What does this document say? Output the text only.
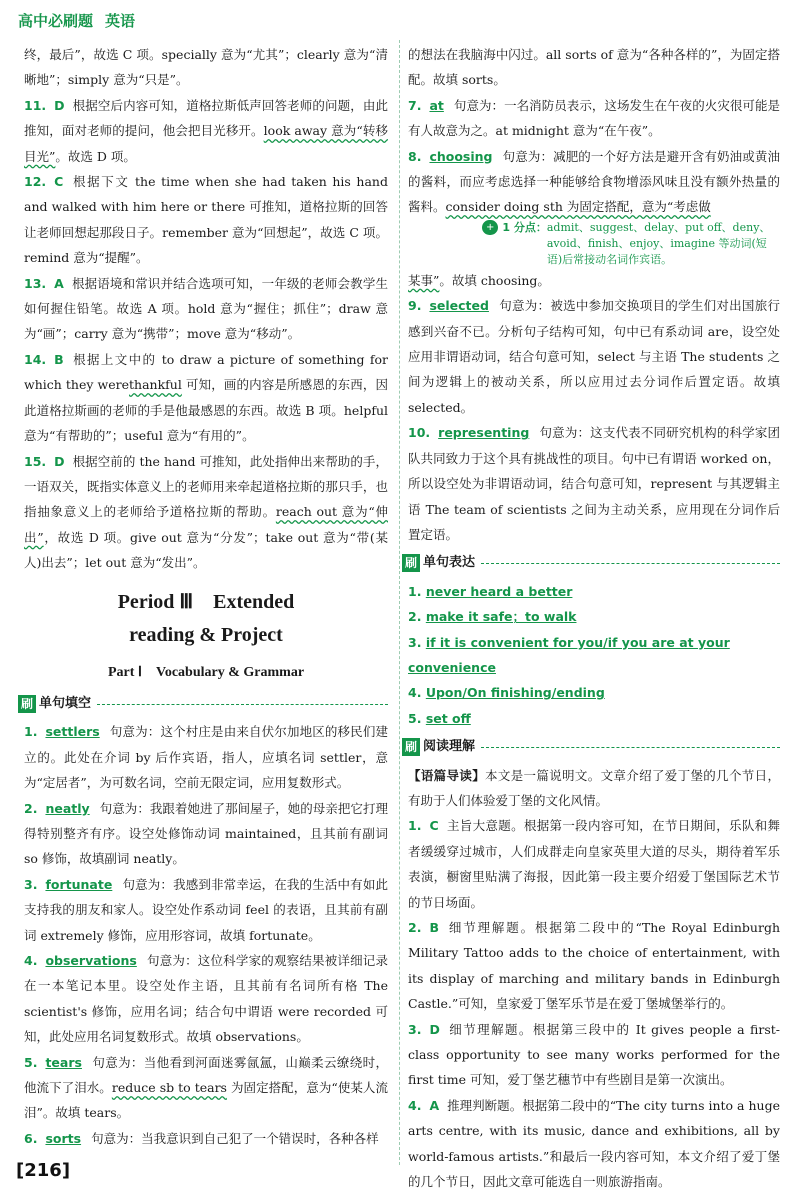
高中必刷题 英语

终，最后”，故选 C 项。specially 意为“尤其”；clearly 意为“清晰地”；simply 意为“只是”。

11. D 根据空后内容可知，道格拉斯低声回答老师的问题，由此推知，面对老师的提问，他会把目光移开。look away 意为“转移目光”。故选 D 项。

12. C 根据下文 the time when she had taken his hand and walked with him here or there 可推知，道格拉斯的回答让老师回想起那段日子。remember 意为“回想起”，故选 C 项。remind 意为“提醒”。

13. A 根据语境和常识并结合选项可知，一年级的老师会教学生如何握住铅笔。故选 A 项。hold 意为“握住；抓住”；draw 意为“画”；carry 意为“携带”；move 意为“移动”。

14. B 根据上文中的 to draw a picture of something for which they werethankful 可知，画的内容是所感恩的东西，因此道格拉斯画的老师的手是他最感恩的东西。故选 B 项。helpful 意为“有帮助的”；useful 意为“有用的”。

15. D 根据空前的 the hand 可推知，此处指伸出来帮助的手，一语双关，既指实体意义上的老师用来牵起道格拉斯的那只手，也指抽象意义上的老师给予道格拉斯的帮助。reach out 意为“伸出”，故选 D 项。give out 意为“分发”；take out 意为“带(某人)出去”；let out 意为“发出”。

Period Ⅲ　Extended
reading & Project
Part Ⅰ　Vocabulary & Grammar
刷 单句填空

1. settlers 句意为：这个村庄是由来自伏尔加地区的移民们建立的。此处在介词 by 后作宾语，指人，应填名词 settler，意为“定居者”，为可数名词，空前无限定词，应用复数形式。

2. neatly 句意为：我跟着她进了那间屋子，她的母亲把它打理得特别整齐有序。设空处修饰动词 maintained，且其前有副词 so 修饰，故填副词 neatly。

3. fortunate 句意为：我感到非常幸运，在我的生活中有如此支持我的朋友和家人。设空处作系动词 feel 的表语，且其前有副词 extremely 修饰，应用形容词，故填 fortunate。

4. observations 句意为：这位科学家的观察结果被详细记录在一本笔记本里。设空处作主语，且其前有名词所有格 The scientist's 修饰，应用名词；结合句中谓语 were recorded 可知，此处应用名词复数形式。故填 observations。

5. tears 句意为：当他看到河面迷雾氤氲，山巅柔云缭绕时，他流下了泪水。reduce sb to tears 为固定搭配，意为“使某人流泪”。故填 tears。

6. sorts 句意为：当我意识到自己犯了一个错误时，各种各样

的想法在我脑海中闪过。all sorts of 意为“各种各样的”，为固定搭配。故填 sorts。

7. at 句意为：一名消防员表示，这场发生在午夜的火灾很可能是有人故意为之。at midnight 意为“在午夜”。

8. choosing 句意为：减肥的一个好方法是避开含有奶油或黄油的酱料，而应考虑选择一种能够给食物增添风味且没有额外热量的酱料。consider doing sth 为固定搭配，意为“考虑做

+ 1 分点： admit、suggest、delay、put off、deny、avoid、finish、enjoy、imagine 等动词(短语)后常接动名词作宾语。

某事”。故填 choosing。

9. selected 句意为：被选中参加交换项目的学生们对出国旅行感到兴奋不已。分析句子结构可知，句中已有系动词 are，设空处应用非谓语动词，结合句意可知，select 与主语 The students 之间为逻辑上的被动关系，所以应用过去分词作后置定语。故填 selected。

10. representing 句意为：这支代表不同研究机构的科学家团队共同致力于这个具有挑战性的项目。句中已有谓语 worked on，所以设空处为非谓语动词，结合句意可知，represent 与其逻辑主语 The team of scientists 之间为主动关系，应用现在分词作后置定语。

刷 单句表达

1. never heard a better

2. make it safe；to walk

3. if it is convenient for you/if you are at your convenience

4. Upon/On finishing/ending

5. set off

刷 阅读理解

【语篇导读】本文是一篇说明文。文章介绍了爱丁堡的几个节日，有助于人们体验爱丁堡的文化风情。

1. C 主旨大意题。根据第一段内容可知，在节日期间，乐队和舞者缓缓穿过城市，人们成群走向皇家英里大道的尽头，期待着军乐表演，橱窗里贴满了海报，因此第一段主要介绍爱丁堡国际艺术节的节日场面。

2. B 细节理解题。根据第二段中的“The Royal Edinburgh Military Tattoo adds to the choice of entertainment, with its display of marching and military bands in Edinburgh Castle.”可知，皇家爱丁堡军乐节是在爱丁堡城堡举行的。

3. D 细节理解题。根据第三段中的 It gives people a first-class opportunity to see many works performed for the first time 可知，爱丁堡艺穗节中有些剧目是第一次演出。

4. A 推理判断题。根据第二段中的“The city turns into a huge arts centre, with its music, dance and exhibitions, all by world-famous artists.”和最后一段内容可知，本文介绍了爱丁堡的几个节日，因此文章可能选自一则旅游指南。

[216]
